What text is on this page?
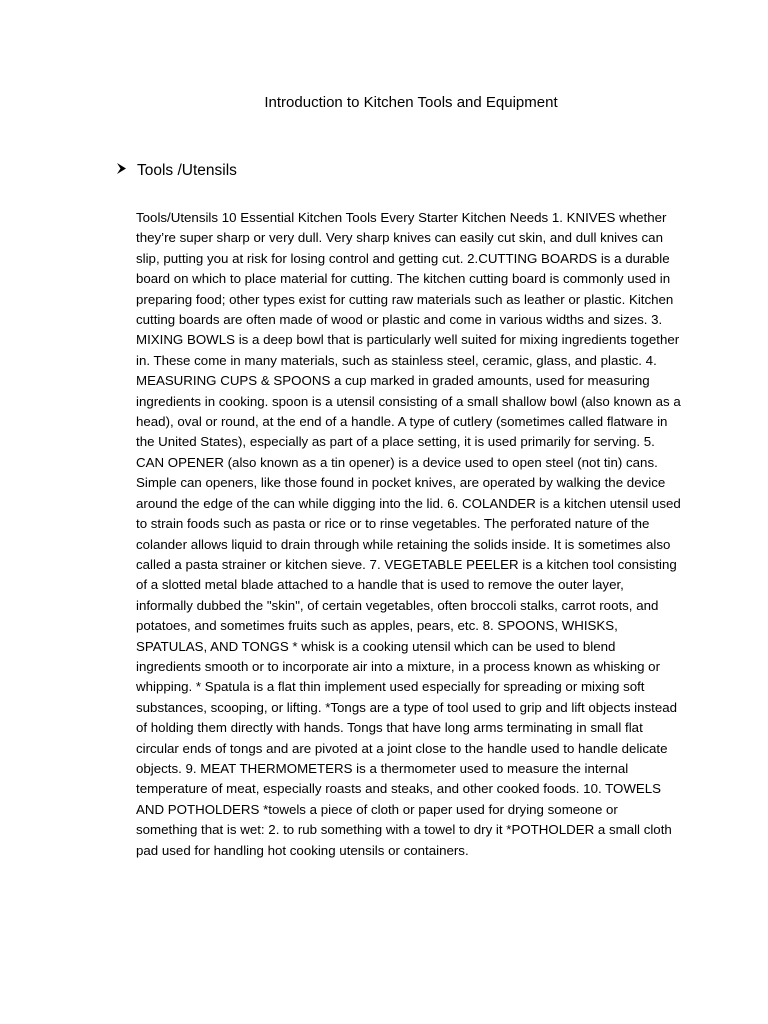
Introduction to Kitchen Tools and Equipment
Tools /Utensils

Tools/Utensils 10 Essential Kitchen Tools Every Starter Kitchen Needs 1. KNIVES whether they’re super sharp or very dull. Very sharp knives can easily cut skin, and dull knives can slip, putting you at risk for losing control and getting cut. 2.CUTTING BOARDS is a durable board on which to place material for cutting. The kitchen cutting board is commonly used in preparing food; other types exist for cutting raw materials such as leather or plastic. Kitchen cutting boards are often made of wood or plastic and come in various widths and sizes. 3. MIXING BOWLS is a deep bowl that is particularly well suited for mixing ingredients together in. These come in many materials, such as stainless steel, ceramic, glass, and plastic. 4. MEASURING CUPS & SPOONS a cup marked in graded amounts, used for measuring ingredients in cooking. spoon is a utensil consisting of a small shallow bowl (also known as a head), oval or round, at the end of a handle. A type of cutlery (sometimes called flatware in the United States), especially as part of a place setting, it is used primarily for serving. 5. CAN OPENER (also known as a tin opener) is a device used to open steel (not tin) cans. Simple can openers, like those found in pocket knives, are operated by walking the device around the edge of the can while digging into the lid. 6. COLANDER is a kitchen utensil used to strain foods such as pasta or rice or to rinse vegetables. The perforated nature of the colander allows liquid to drain through while retaining the solids inside. It is sometimes also called a pasta strainer or kitchen sieve. 7. VEGETABLE PEELER is a kitchen tool consisting of a slotted metal blade attached to a handle that is used to remove the outer layer, informally dubbed the "skin", of certain vegetables, often broccoli stalks, carrot roots, and potatoes, and sometimes fruits such as apples, pears, etc. 8. SPOONS, WHISKS, SPATULAS, AND TONGS * whisk is a cooking utensil which can be used to blend ingredients smooth or to incorporate air into a mixture, in a process known as whisking or whipping. * Spatula is a flat thin implement used especially for spreading or mixing soft substances, scooping, or lifting. *Tongs are a type of tool used to grip and lift objects instead of holding them directly with hands. Tongs that have long arms terminating in small flat circular ends of tongs and are pivoted at a joint close to the handle used to handle delicate objects. 9. MEAT THERMOMETERS is a thermometer used to measure the internal temperature of meat, especially roasts and steaks, and other cooked foods. 10. TOWELS AND POTHOLDERS *towels a piece of cloth or paper used for drying someone or something that is wet: 2. to rub something with a towel to dry it *POTHOLDER a small cloth pad used for handling hot cooking utensils or containers.
